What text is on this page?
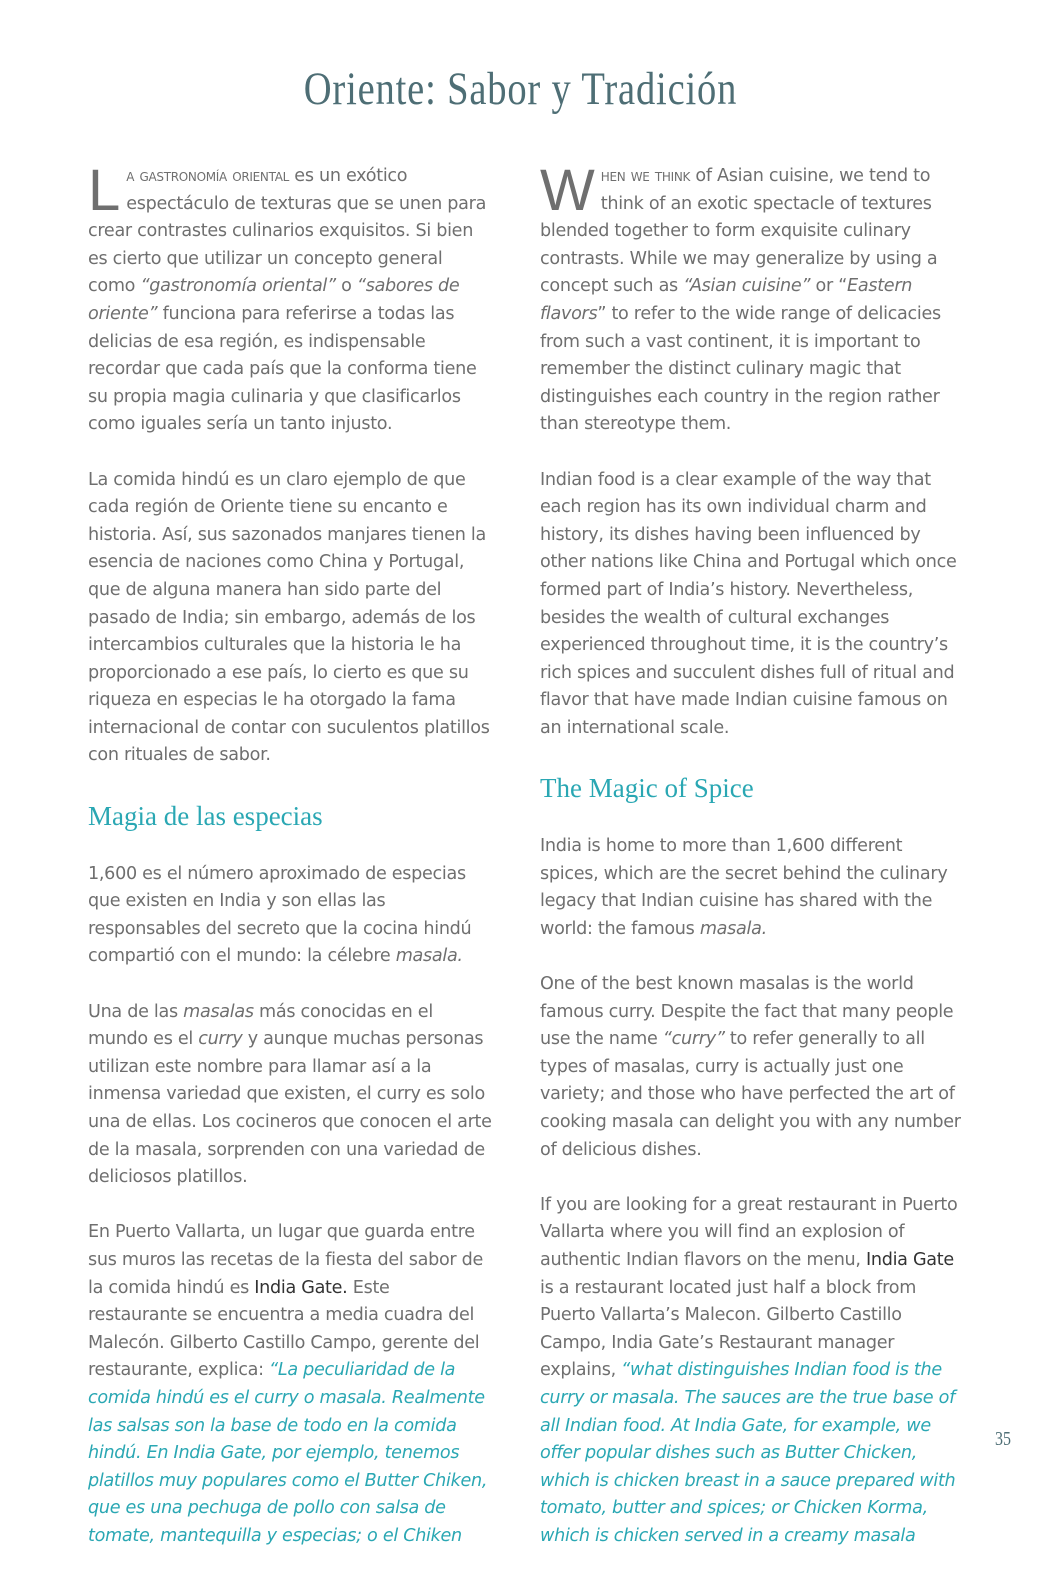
Oriente: Sabor y Tradición

La gastronomía oriental es un exótico espectáculo de texturas que se unen para crear contrastes culinarios exquisitos. Si bien es cierto que utilizar un concepto general como “gastronomía oriental” o “sabores de oriente” funciona para referirse a todas las delicias de esa región, es indispensable recordar que cada país que la conforma tiene su propia magia culinaria y que clasificarlos como iguales sería un tanto injusto.

La comida hindú es un claro ejemplo de que cada región de Oriente tiene su encanto e historia. Así, sus sazonados manjares tienen la esencia de naciones como China y Portugal, que de alguna manera han sido parte del pasado de India; sin embargo, además de los intercambios culturales que la historia le ha proporcionado a ese país, lo cierto es que su riqueza en especias le ha otorgado la fama internacional de contar con suculentos platillos con rituales de sabor.

Magia de las especias

1,600 es el número aproximado de especias que existen en India y son ellas las responsables del secreto que la cocina hindú compartió con el mundo: la célebre masala.

Una de las masalas más conocidas en el mundo es el curry y aunque muchas personas utilizan este nombre para llamar así a la inmensa variedad que existen, el curry es solo una de ellas. Los cocineros que conocen el arte de la masala, sorprenden con una variedad de deliciosos platillos.

En Puerto Vallarta, un lugar que guarda entre sus muros las recetas de la fiesta del sabor de la comida hindú es India Gate. Este restaurante se encuentra a media cuadra del Malecón. Gilberto Castillo Campo, gerente del restaurante, explica: “La peculiaridad de la comida hindú es el curry o masala. Realmente las salsas son la base de todo en la comida hindú. En India Gate, por ejemplo, tenemos platillos muy populares como el Butter Chiken, que es una pechuga de pollo con salsa de tomate, mantequilla y especias; o el Chiken

When we think of Asian cuisine, we tend to think of an exotic spectacle of textures blended together to form exquisite culinary contrasts. While we may generalize by using a concept such as “Asian cuisine” or “Eastern flavors” to refer to the wide range of delicacies from such a vast continent, it is important to remember the distinct culinary magic that distinguishes each country in the region rather than stereotype them.

Indian food is a clear example of the way that each region has its own individual charm and history, its dishes having been influenced by other nations like China and Portugal which once formed part of India’s history. Nevertheless, besides the wealth of cultural exchanges experienced throughout time, it is the country’s rich spices and succulent dishes full of ritual and flavor that have made Indian cuisine famous on an international scale.

The Magic of Spice

India is home to more than 1,600 different spices, which are the secret behind the culinary legacy that Indian cuisine has shared with the world: the famous masala.

One of the best known masalas is the world famous curry. Despite the fact that many people use the name “curry” to refer generally to all types of masalas, curry is actually just one variety; and those who have perfected the art of cooking masala can delight you with any number of delicious dishes.

If you are looking for a great restaurant in Puerto Vallarta where you will find an explosion of authentic Indian flavors on the menu, India Gate is a restaurant located just half a block from Puerto Vallarta’s Malecon. Gilberto Castillo Campo, India Gate’s Restaurant manager explains, “what distinguishes Indian food is the curry or masala. The sauces are the true base of all Indian food. At India Gate, for example, we offer popular dishes such as Butter Chicken, which is chicken breast in a sauce prepared with tomato, butter and spices; or Chicken Korma, which is chicken served in a creamy masala

35
